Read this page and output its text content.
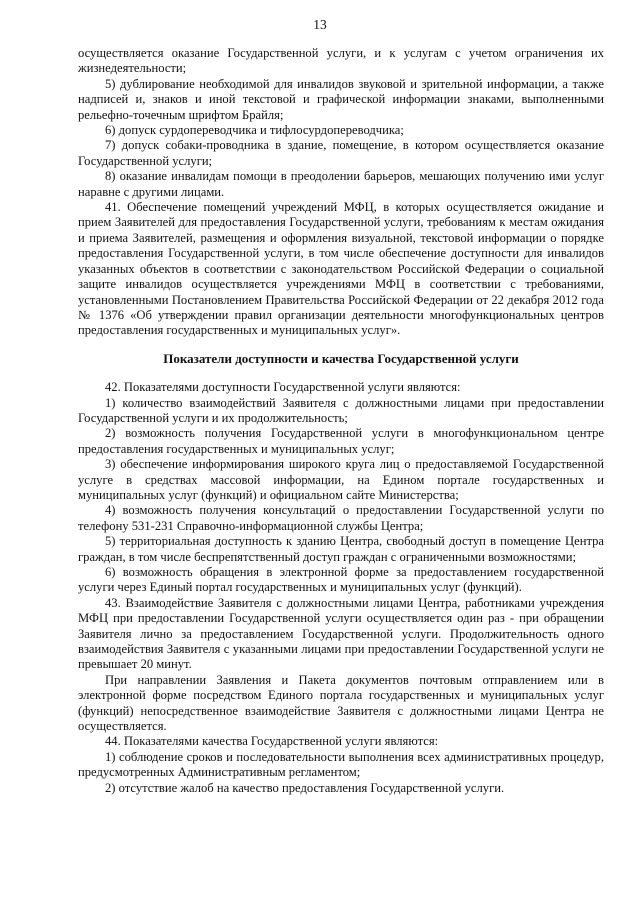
13

осуществляется оказание Государственной услуги, и к услугам с учетом ограничения их жизнедеятельности;

5) дублирование необходимой для инвалидов звуковой и зрительной информации, а также надписей и, знаков и иной текстовой и графической информации знаками, выполненными рельефно-точечным шрифтом Брайля;

6) допуск сурдопереводчика и тифлосурдопереводчика;

7) допуск собаки-проводника в здание, помещение, в котором осуществляется оказание Государственной услуги;

8) оказание инвалидам помощи в преодолении барьеров, мешающих получению ими услуг наравне с другими лицами.

41. Обеспечение помещений учреждений МФЦ, в которых осуществляется ожидание и прием Заявителей для предоставления Государственной услуги, требованиям к местам ожидания и приема Заявителей, размещения и оформления визуальной, текстовой информации о порядке предоставления Государственной услуги, в том числе обеспечение доступности для инвалидов указанных объектов в соответствии с законодательством Российской Федерации о социальной защите инвалидов осуществляется учреждениями МФЦ в соответствии с требованиями, установленными Постановлением Правительства Российской Федерации от 22 декабря 2012 года № 1376 «Об утверждении правил организации деятельности многофункциональных центров предоставления государственных и муниципальных услуг».

Показатели доступности и качества Государственной услуги

42. Показателями доступности Государственной услуги являются:

1) количество взаимодействий Заявителя с должностными лицами при предоставлении Государственной услуги и их продолжительность;

2) возможность получения Государственной услуги в многофункциональном центре предоставления государственных и муниципальных услуг;

3) обеспечение информирования широкого круга лиц о предоставляемой Государственной услуге в средствах массовой информации, на Едином портале государственных и муниципальных услуг (функций) и официальном сайте Министерства;

4) возможность получения консультаций о предоставлении Государственной услуги по телефону 531-231 Справочно-информационной службы Центра;

5) территориальная доступность к зданию Центра, свободный доступ в помещение Центра граждан, в том числе беспрепятственный доступ граждан с ограниченными возможностями;

6) возможность обращения в электронной форме за предоставлением государственной услуги через Единый портал государственных и муниципальных услуг (функций).

43. Взаимодействие Заявителя с должностными лицами Центра, работниками учреждения МФЦ при предоставлении Государственной услуги осуществляется один раз - при обращении Заявителя лично за предоставлением Государственной услуги. Продолжительность одного взаимодействия Заявителя с указанными лицами при предоставлении Государственной услуги не превышает 20 минут.

При направлении Заявления и Пакета документов почтовым отправлением или в электронной форме посредством Единого портала государственных и муниципальных услуг (функций) непосредственное взаимодействие Заявителя с должностными лицами Центра не осуществляется.

44. Показателями качества Государственной услуги являются:

1) соблюдение сроков и последовательности выполнения всех административных процедур, предусмотренных Административным регламентом;

2) отсутствие жалоб на качество предоставления Государственной услуги.
